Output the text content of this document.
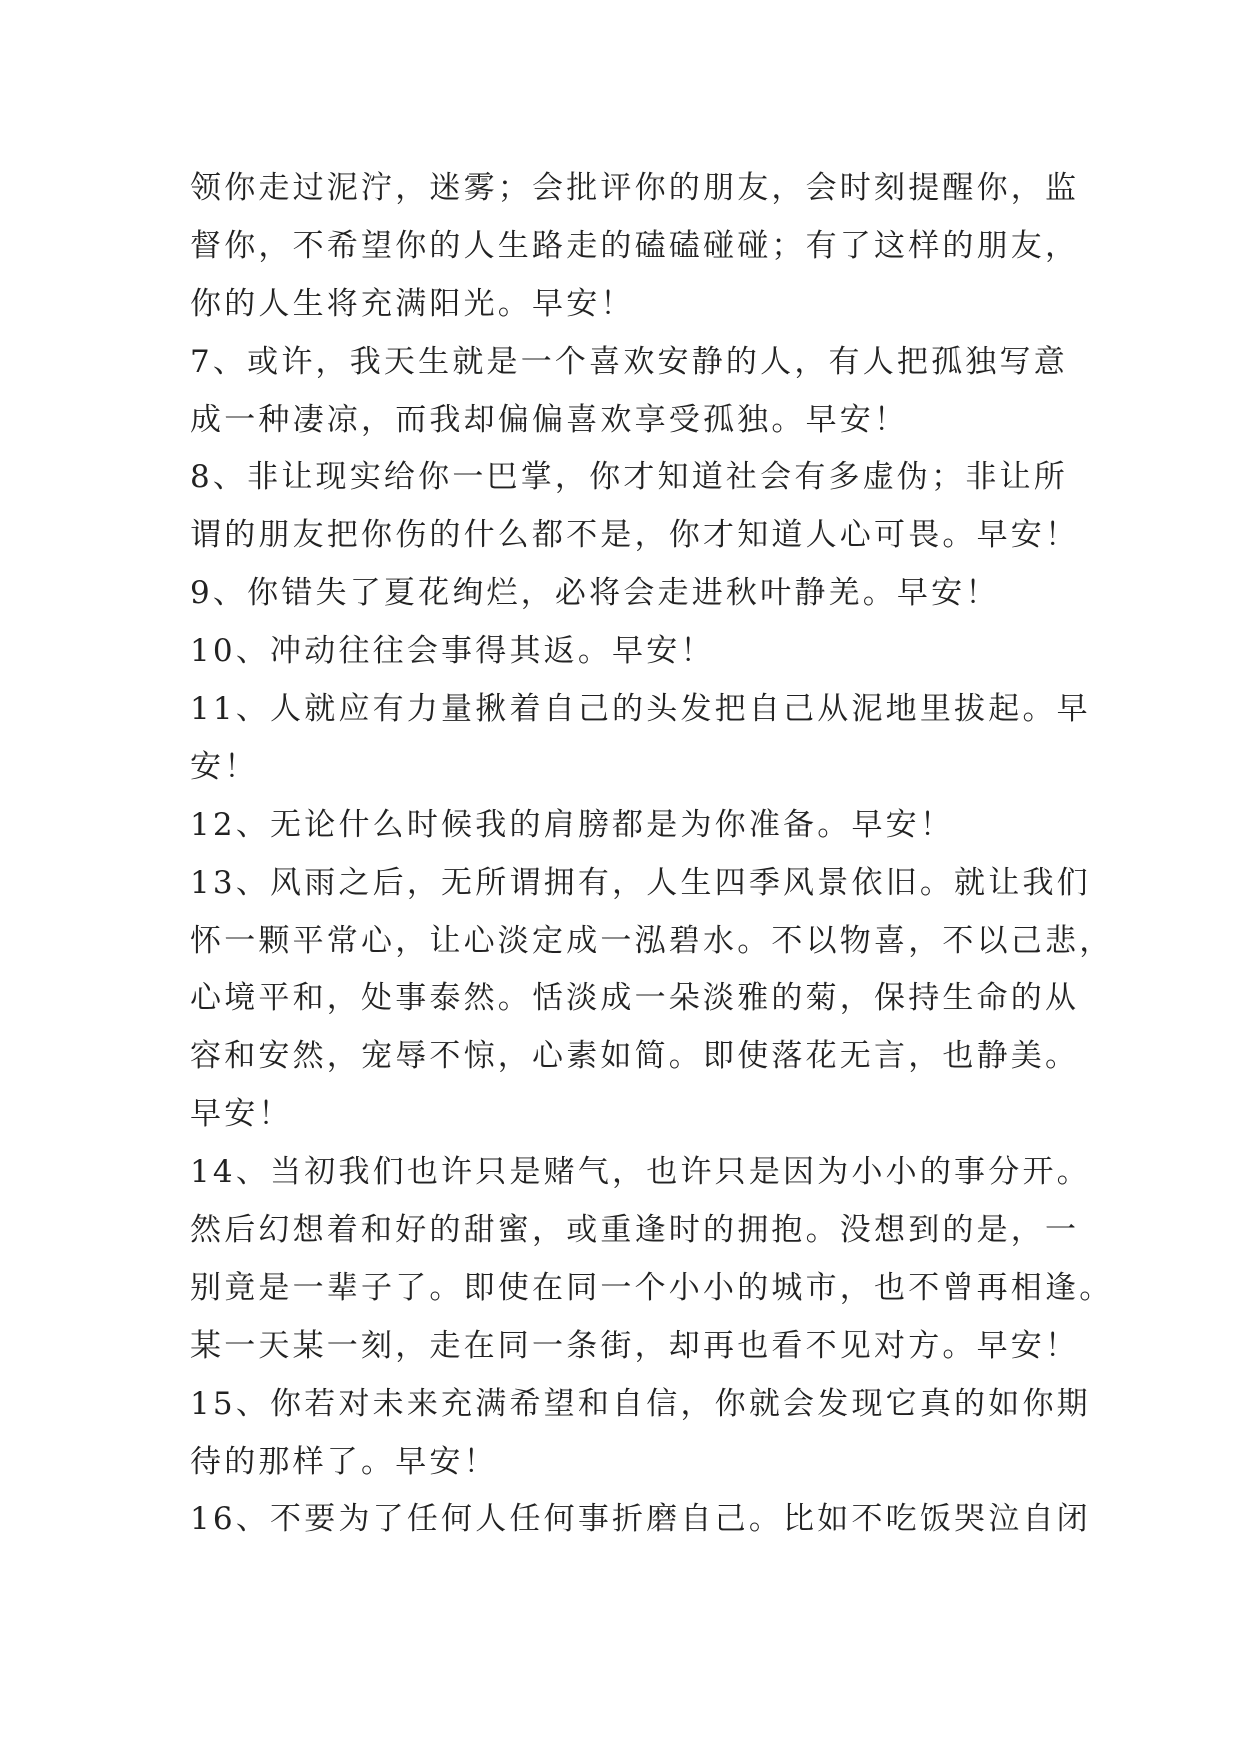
领你走过泥泞，迷雾；会批评你的朋友，会时刻提醒你，监
督你，不希望你的人生路走的磕磕碰碰；有了这样的朋友，
你的人生将充满阳光。早安！
7、或许，我天生就是一个喜欢安静的人，有人把孤独写意
成一种凄凉，而我却偏偏喜欢享受孤独。早安！
8、非让现实给你一巴掌，你才知道社会有多虚伪；非让所
谓的朋友把你伤的什么都不是，你才知道人心可畏。早安！
9、你错失了夏花绚烂，必将会走进秋叶静羌。早安！
10、冲动往往会事得其返。早安！
11、人就应有力量揪着自己的头发把自己从泥地里拔起。早
安！
12、无论什么时候我的肩膀都是为你准备。早安！
13、风雨之后，无所谓拥有，人生四季风景依旧。就让我们
怀一颗平常心，让心淡定成一泓碧水。不以物喜，不以己悲，
心境平和，处事泰然。恬淡成一朵淡雅的菊，保持生命的从
容和安然，宠辱不惊，心素如简。即使落花无言，也静美。
早安！
14、当初我们也许只是赌气，也许只是因为小小的事分开。
然后幻想着和好的甜蜜，或重逢时的拥抱。没想到的是，一
别竟是一辈子了。即使在同一个小小的城市，也不曾再相逢。
某一天某一刻，走在同一条街，却再也看不见对方。早安！
15、你若对未来充满希望和自信，你就会发现它真的如你期
待的那样了。早安！
16、不要为了任何人任何事折磨自己。比如不吃饭哭泣自闭
